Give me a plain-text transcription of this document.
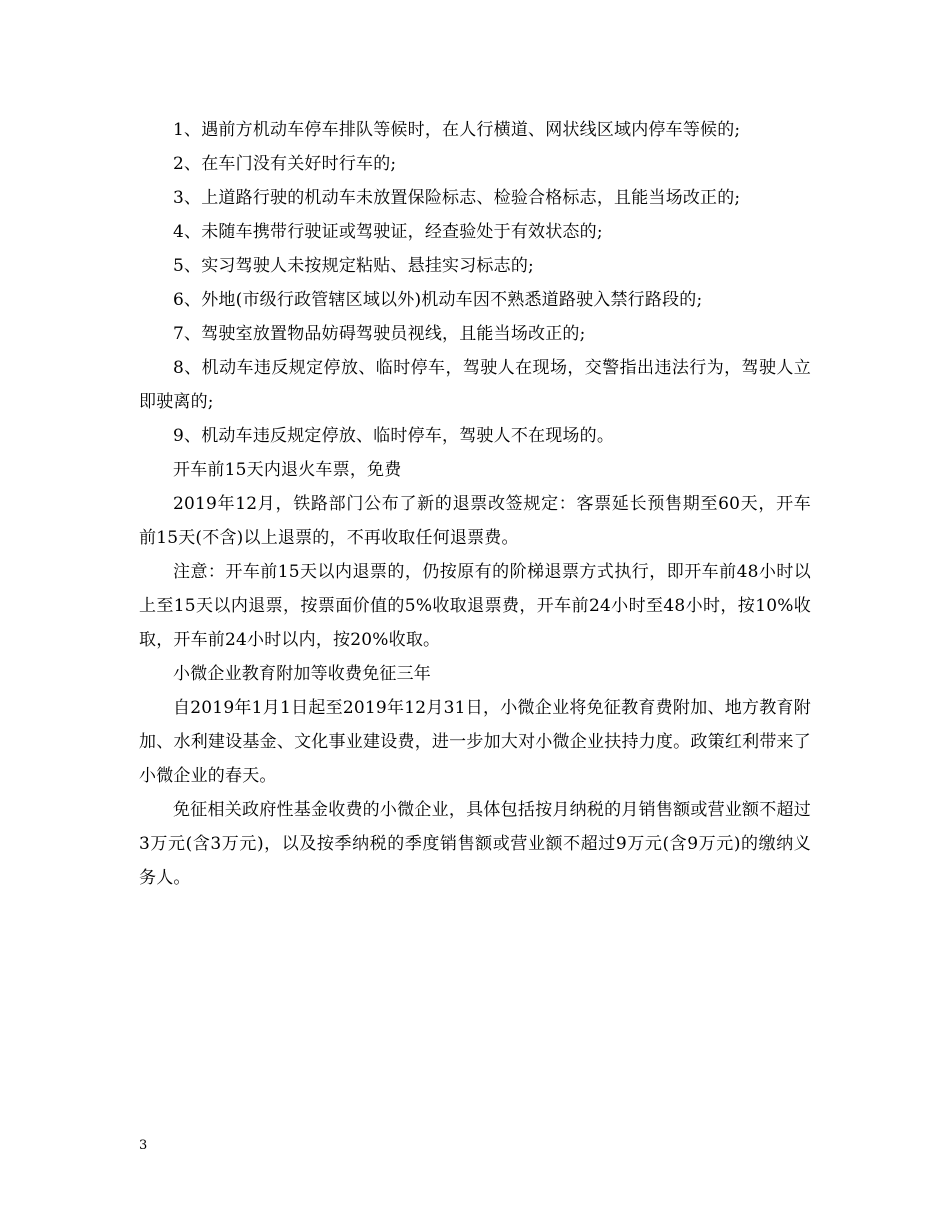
1、遇前方机动车停车排队等候时，在人行横道、网状线区域内停车等候的;

2、在车门没有关好时行车的;

3、上道路行驶的机动车未放置保险标志、检验合格标志，且能当场改正的;

4、未随车携带行驶证或驾驶证，经查验处于有效状态的;

5、实习驾驶人未按规定粘贴、悬挂实习标志的;

6、外地(市级行政管辖区域以外)机动车因不熟悉道路驶入禁行路段的;

7、驾驶室放置物品妨碍驾驶员视线，且能当场改正的;

8、机动车违反规定停放、临时停车，驾驶人在现场，交警指出违法行为，驾驶人立即驶离的;

9、机动车违反规定停放、临时停车，驾驶人不在现场的。

开车前15天内退火车票，免费

2019年12月，铁路部门公布了新的退票改签规定：客票延长预售期至60天，开车前15天(不含)以上退票的，不再收取任何退票费。

注意：开车前15天以内退票的，仍按原有的阶梯退票方式执行，即开车前48小时以上至15天以内退票，按票面价值的5%收取退票费，开车前24小时至48小时，按10%收取，开车前24小时以内，按20%收取。

小微企业教育附加等收费免征三年

自2019年1月1日起至2019年12月31日，小微企业将免征教育费附加、地方教育附加、水利建设基金、文化事业建设费，进一步加大对小微企业扶持力度。政策红利带来了小微企业的春天。

免征相关政府性基金收费的小微企业，具体包括按月纳税的月销售额或营业额不超过3万元(含3万元)，以及按季纳税的季度销售额或营业额不超过9万元(含9万元)的缴纳义务人。

3
